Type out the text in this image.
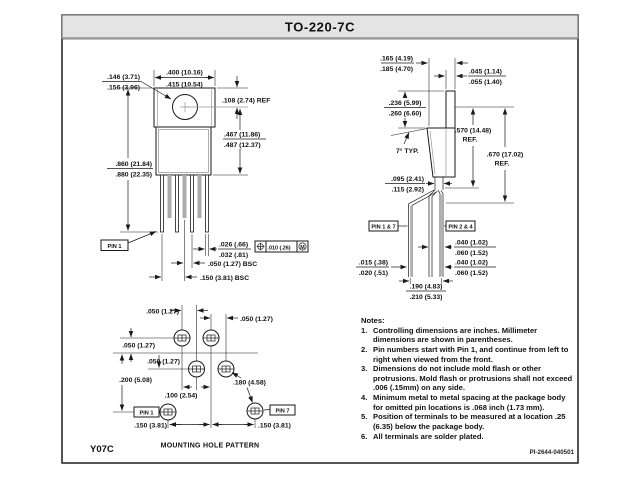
TO-220-7C
.400 (10.16)
.415 (10.54)
.146 (3.71)
.156 (3.96)
.108 (2.74) REF
.467 (11.86)
.487 (12.37)
.860 (21.84)
.880 (22.35)
PIN 1	.026 (.66)
.032 (.81)
.010 (.26) M
.050 (1.27) BSC
.150 (3.81) BSC
7° TYP.
.570 (14.48)
REF.
.670 (17.02)
REF.
.165 (4.19)
.185 (4.70)	.045 (1.14)
.055 (1.40)
.236 (5.99)
.260 (6.60)
.095 (2.41)
.115 (2.92)
PIN 1 & 7	PIN 2 & 4
.040 (1.02)
.060 (1.52)
.015 (.38)
.020 (.51)
.040 (1.02)
.060 (1.52)
.190 (4.83)
.210 (5.33)
.050 (1.27)
.050 (1.27)
.050 (1.27)
.050 (1.27)
.200 (5.08)
.100 (2.54)
.180 (4.58)
PIN 1	PIN 7
.150 (3.81)	.150 (3.81)
MOUNTING HOLE PATTERN
Y07C
Notes:
1. Controlling dimensions are inches. Millimeter dimensions are shown in parentheses.
2. Pin numbers start with Pin 1, and continue from left to right when viewed from the front.
3. Dimensions do not include mold flash or other protrusions. Mold flash or protrusions shall not exceed .006 (.15mm) on any side.
4. Minimum metal to metal spacing at the package body for omitted pin locations is .068 inch (1.73 mm).
5. Position of terminals to be measured at a location .25 (6.35) below the package body.
6. All terminals are solder plated.
PI-2644-040501
